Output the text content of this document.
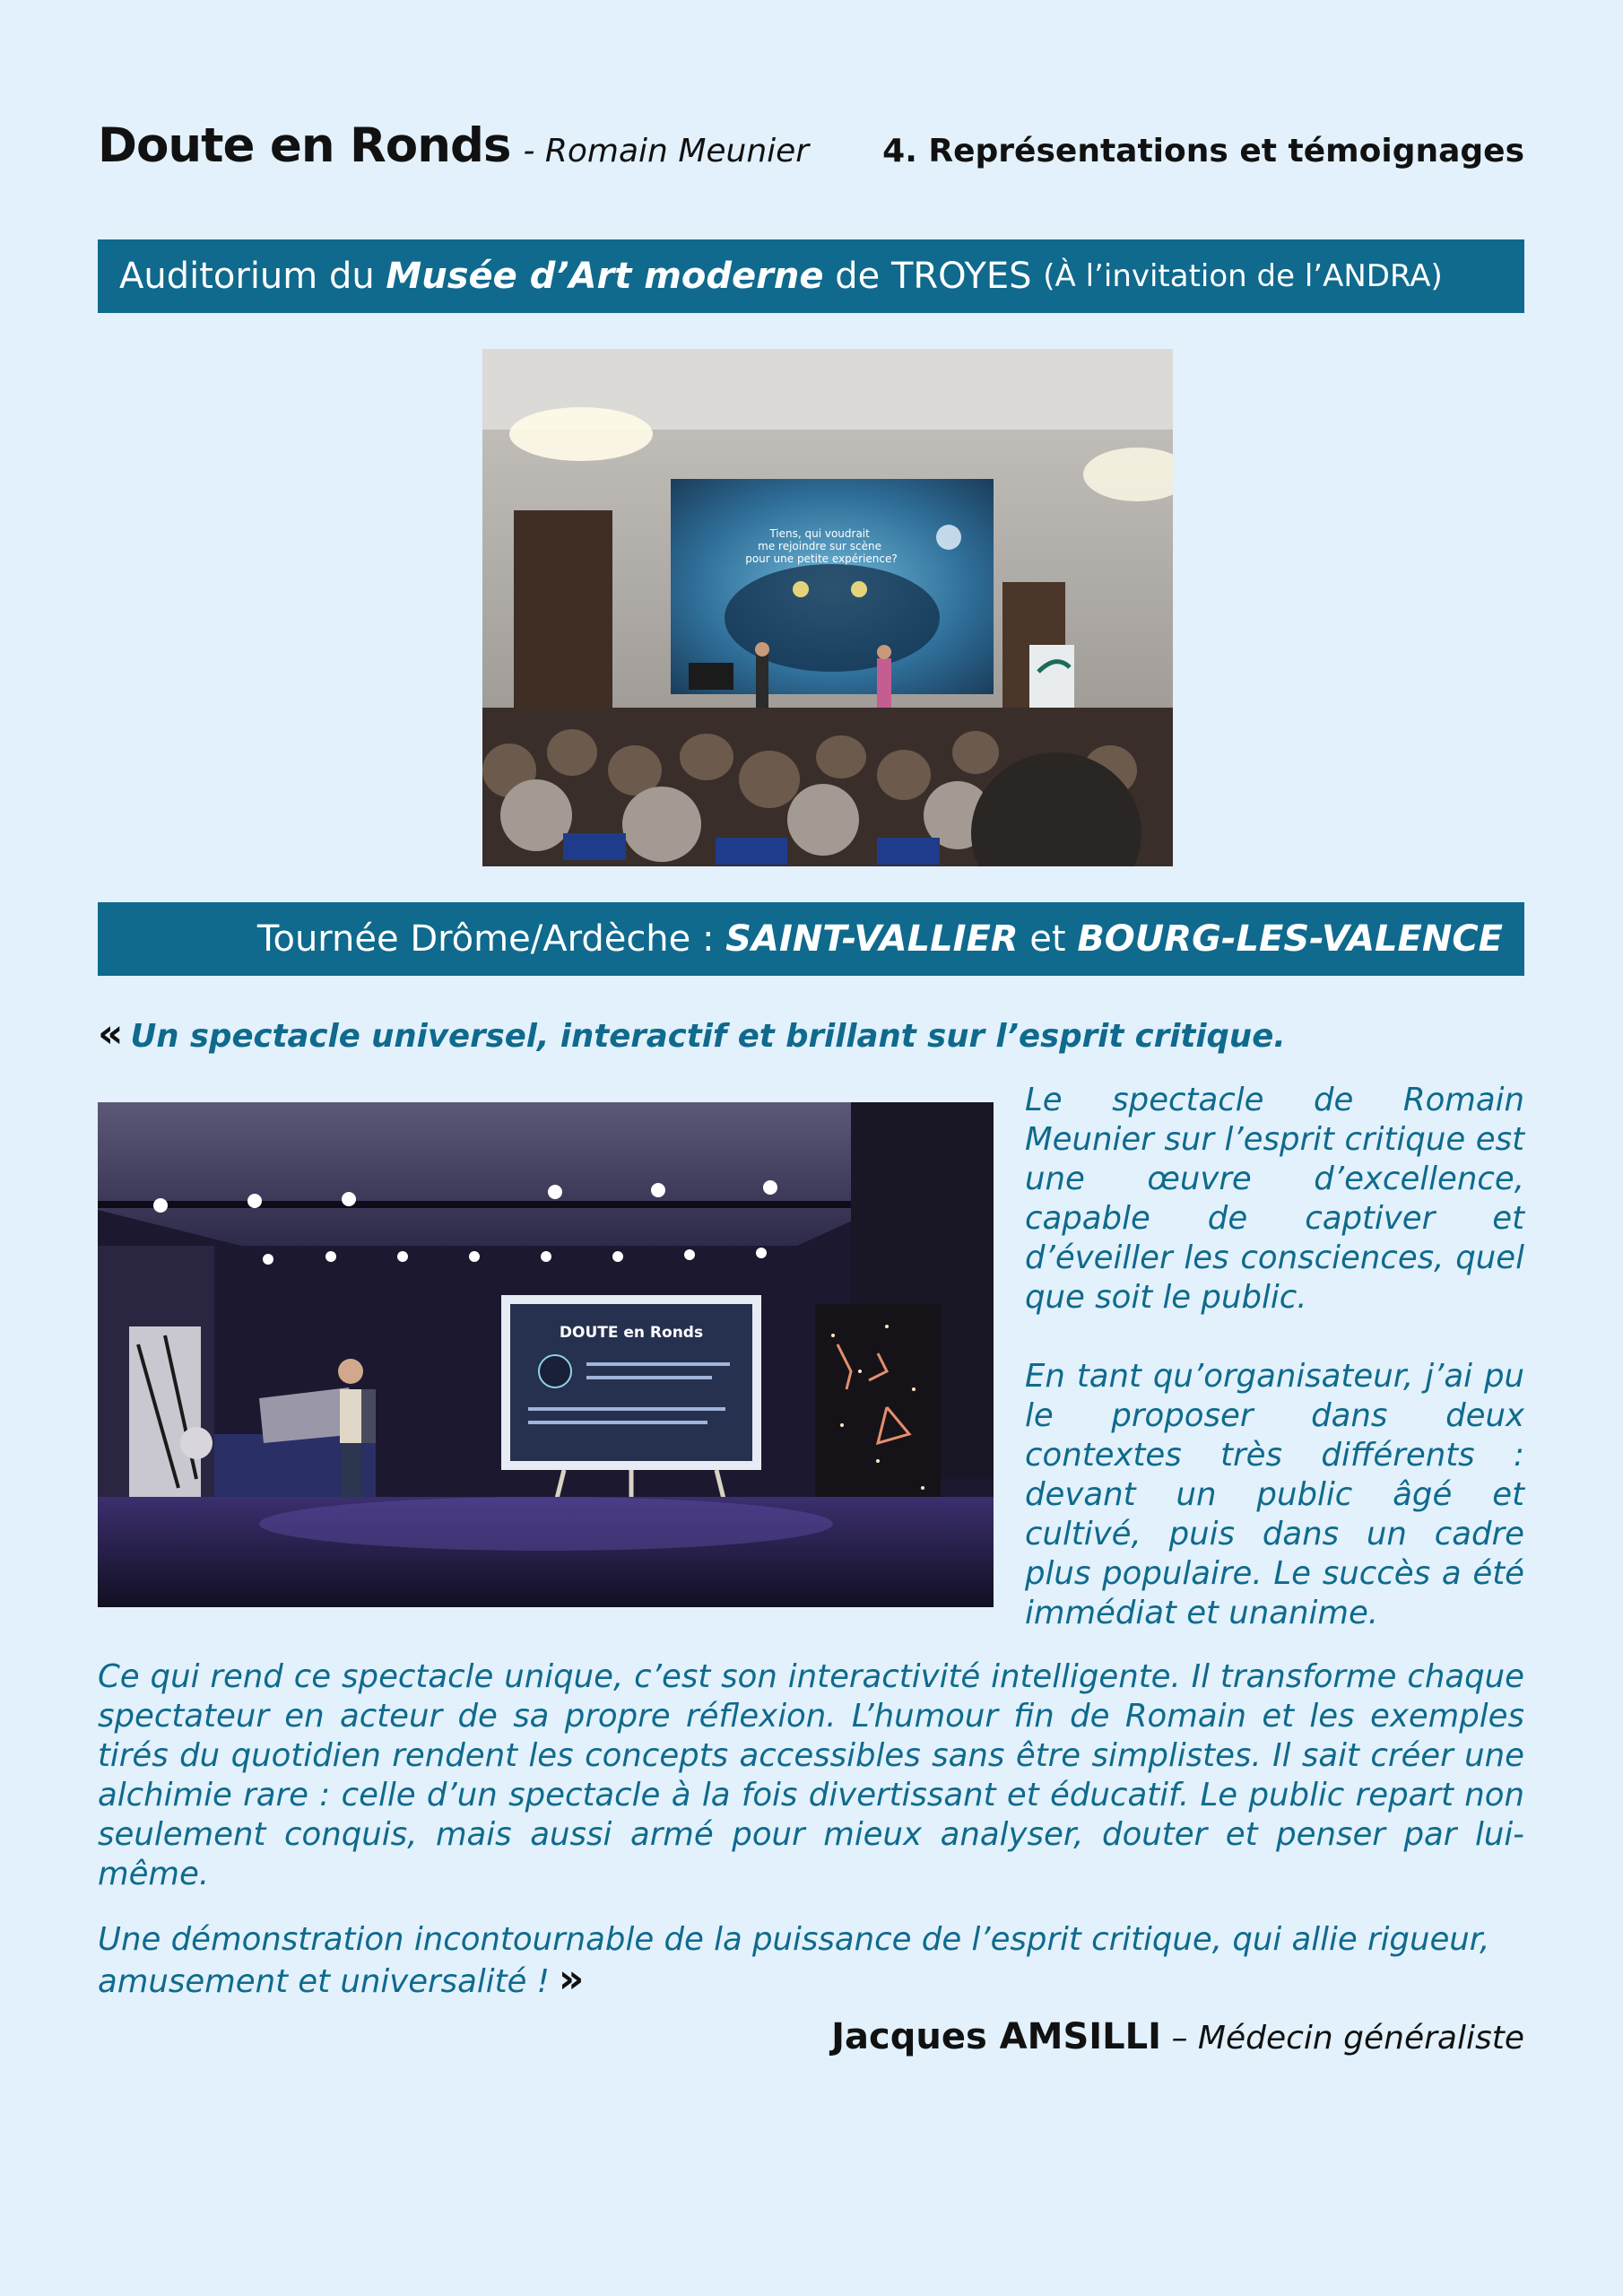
Doute en Ronds - Romain Meunier 4. Représentations et témoignages
Auditorium du Musée d’Art moderne de TROYES (À l’invitation de l’ANDRA)
Tiens, qui voudrait me rejoindre sur scène pour une petite expérience?
Tournée Drôme/Ardèche : SAINT-VALLIER et BOURG-LES-VALENCE
« Un spectacle universel, interactif et brillant sur l’esprit critique.
DOUTE en Ronds

Le spectacle de Romain Meunier sur l’esprit critique est une œuvre d’excellence, capable de captiver et d’éveiller les consciences, quel que soit le public.

En tant qu’organisateur, j’ai pu le proposer dans deux contextes très différents : devant un public âgé et cultivé, puis dans un cadre plus populaire. Le succès a été immédiat et unanime.

Ce qui rend ce spectacle unique, c’est son interactivité intelligente. Il transforme chaque spectateur en acteur de sa propre réflexion. L’humour fin de Romain et les exemples tirés du quotidien rendent les concepts accessibles sans être simplistes. Il sait créer une alchimie rare : celle d’un spectacle à la fois divertissant et éducatif. Le public repart non seulement conquis, mais aussi armé pour mieux analyser, douter et penser par lui-même.

Une démonstration incontournable de la puissance de l’esprit critique, qui allie rigueur, amusement et universalité ! »

Jacques AMSILLI – Médecin généraliste
